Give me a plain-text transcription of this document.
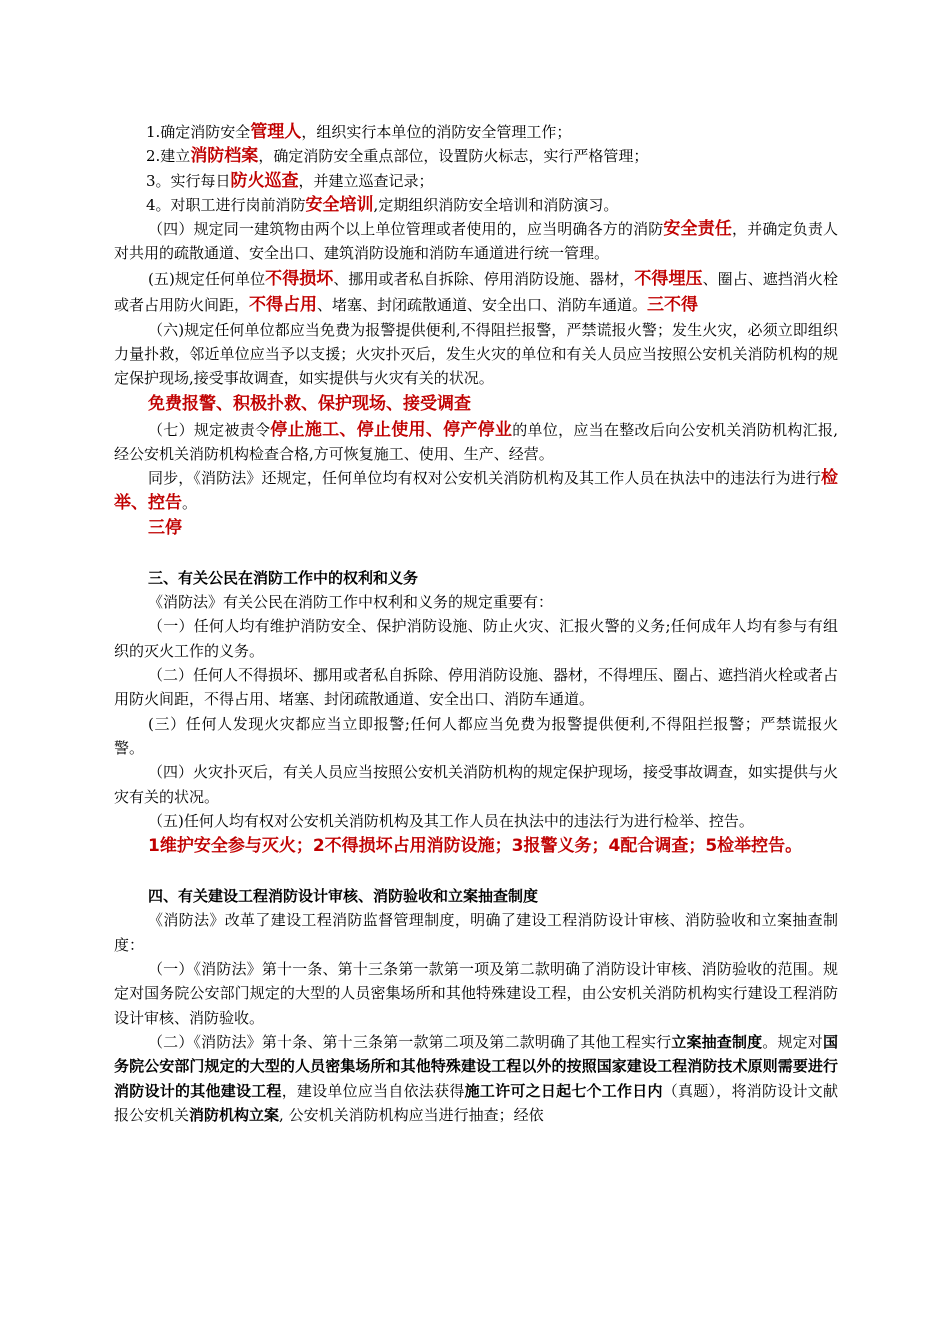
1.确定消防安全管理人，组织实行本单位的消防安全管理工作；

2.建立消防档案，确定消防安全重点部位，设置防火标志，实行严格管理；

3。实行每日防火巡查，并建立巡查记录；

4。对职工进行岗前消防安全培训,定期组织消防安全培训和消防演习。

（四）规定同一建筑物由两个以上单位管理或者使用的，应当明确各方的消防安全责任，并确定负责人对共用的疏散通道、安全出口、建筑消防设施和消防车通道进行统一管理。

(五)规定任何单位不得损坏、挪用或者私自拆除、停用消防设施、器材，不得埋压、圈占、遮挡消火栓或者占用防火间距，不得占用、堵塞、封闭疏散通道、安全出口、消防车通道。三不得

（六)规定任何单位都应当免费为报警提供便利,不得阻拦报警，严禁谎报火警；发生火灾，必须立即组织力量扑救，邻近单位应当予以支援；火灾扑灭后，发生火灾的单位和有关人员应当按照公安机关消防机构的规定保护现场,接受事故调查，如实提供与火灾有关的状况。

免费报警、积极扑救、保护现场、接受调查

（七）规定被责令停止施工、停止使用、停产停业的单位，应当在整改后向公安机关消防机构汇报,经公安机关消防机构检查合格,方可恢复施工、使用、生产、经营。

同步，《消防法》还规定，任何单位均有权对公安机关消防机构及其工作人员在执法中的违法行为进行检举、控告。

三停

三、有关公民在消防工作中的权利和义务

《消防法》有关公民在消防工作中权利和义务的规定重要有：

（一）任何人均有维护消防安全、保护消防设施、防止火灾、汇报火警的义务;任何成年人均有参与有组织的灭火工作的义务。

（二）任何人不得损坏、挪用或者私自拆除、停用消防设施、器材，不得埋压、圈占、遮挡消火栓或者占用防火间距，不得占用、堵塞、封闭疏散通道、安全出口、消防车通道。

(三）任何人发现火灾都应当立即报警;任何人都应当免费为报警提供便利,不得阻拦报警；严禁谎报火警。

（四）火灾扑灭后，有关人员应当按照公安机关消防机构的规定保护现场，接受事故调查，如实提供与火灾有关的状况。

（五)任何人均有权对公安机关消防机构及其工作人员在执法中的违法行为进行检举、控告。

1维护安全参与灭火；2不得损坏占用消防设施；3报警义务；4配合调查；5检举控告。

四、有关建设工程消防设计审核、消防验收和立案抽查制度

《消防法》改革了建设工程消防监督管理制度，明确了建设工程消防设计审核、消防验收和立案抽查制度：

（一）《消防法》第十一条、第十三条第一款第一项及第二款明确了消防设计审核、消防验收的范围。规定对国务院公安部门规定的大型的人员密集场所和其他特殊建设工程，由公安机关消防机构实行建设工程消防设计审核、消防验收。

（二）《消防法》第十条、第十三条第一款第二项及第二款明确了其他工程实行立案抽查制度。规定对国务院公安部门规定的大型的人员密集场所和其他特殊建设工程以外的按照国家建设工程消防技术原则需要进行消防设计的其他建设工程，建设单位应当自依法获得施工许可之日起七个工作日内（真题），将消防设计文献报公安机关消防机构立案, 公安机关消防机构应当进行抽查；经依
